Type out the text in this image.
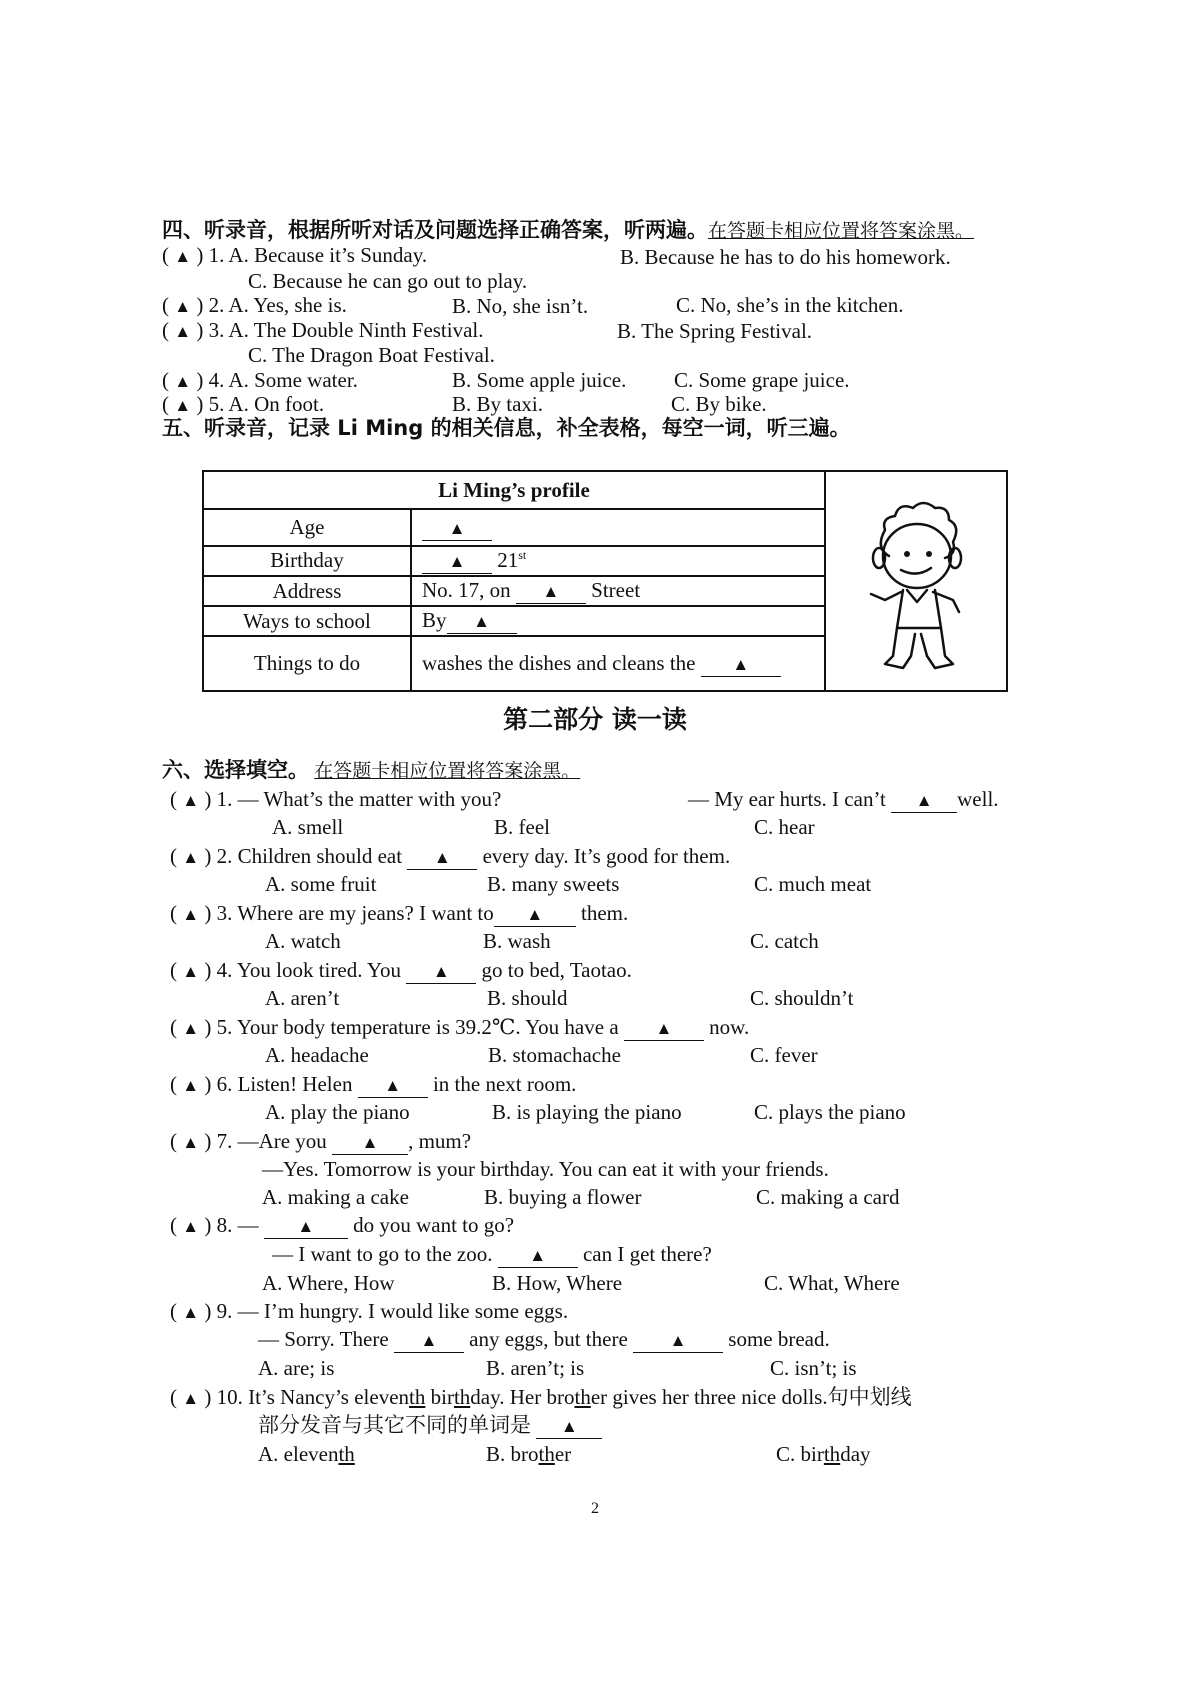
四、听录音，根据所听对话及问题选择正确答案，听两遍。在答题卡相应位置将答案涂黑。
( ▲ ) 1. A. Because it’s Sunday.	B. Because he has to do his homework.
C. Because he can go out to play.
( ▲ ) 2. A. Yes, she is.	B. No, she isn’t.	C. No, she’s in the kitchen.
( ▲ ) 3. A. The Double Ninth Festival.	B. The Spring Festival.
C. The Dragon Boat Festival.
( ▲ ) 4. A. Some water.	B. Some apple juice. C. Some grape juice.
( ▲ ) 5. A. On foot.	B. By taxi.	C. By bike.
五、听录音，记录 Li Ming 的相关信息，补全表格，每空一词，听三遍。
Li Ming’s profile	
Age	▲	
Birthday	▲ 21st
Address	No. 17, on ▲ Street	
Ways to school	By ▲	
Things to do	washes the dishes and cleans the ▲	
第二部分 读一读
六、选择填空。 在答题卡相应位置将答案涂黑。
( ▲ ) 1. — What’s the matter with you?	— My ear hurts. I can’t ▲ well.
A. smell	B. feel	C. hear
( ▲ ) 2. Children should eat ▲ every day. It’s good for them.
A. some fruit	B. many sweets	C. much meat
( ▲ ) 3. Where are my jeans? I want to ▲ them.
A. watch	B. wash	C. catch
( ▲ ) 4. You look tired. You ▲ go to bed, Taotao.
A. aren’t	B. should	C. shouldn’t
( ▲ ) 5. Your body temperature is 39.2℃. You have a ▲ now.
A. headache	B. stomachache	C. fever
( ▲ ) 6. Listen! Helen ▲ in the next room.
A. play the piano	B. is playing the piano	C. plays the piano
( ▲ ) 7. —Are you ▲ , mum?
—Yes. Tomorrow is your birthday. You can eat it with your friends.
A. making a cake	B. buying a flower	C. making a card
( ▲ ) 8. — ▲ do you want to go?
— I want to go to the zoo. ▲ can I get there?
A. Where, How	B. How, Where	C. What, Where
( ▲ ) 9. — I’m hungry. I would like some eggs.
— Sorry. There ▲ any eggs, but there ▲ some bread.
A. are; is	B. aren’t; is	C. isn’t; is
( ▲ ) 10. It’s Nancy’s eleventh birthday. Her brother gives her three nice dolls.句中划线
部分发音与其它不同的单词是 ▲
A. eleventh	B. brother	C. birthday
2
